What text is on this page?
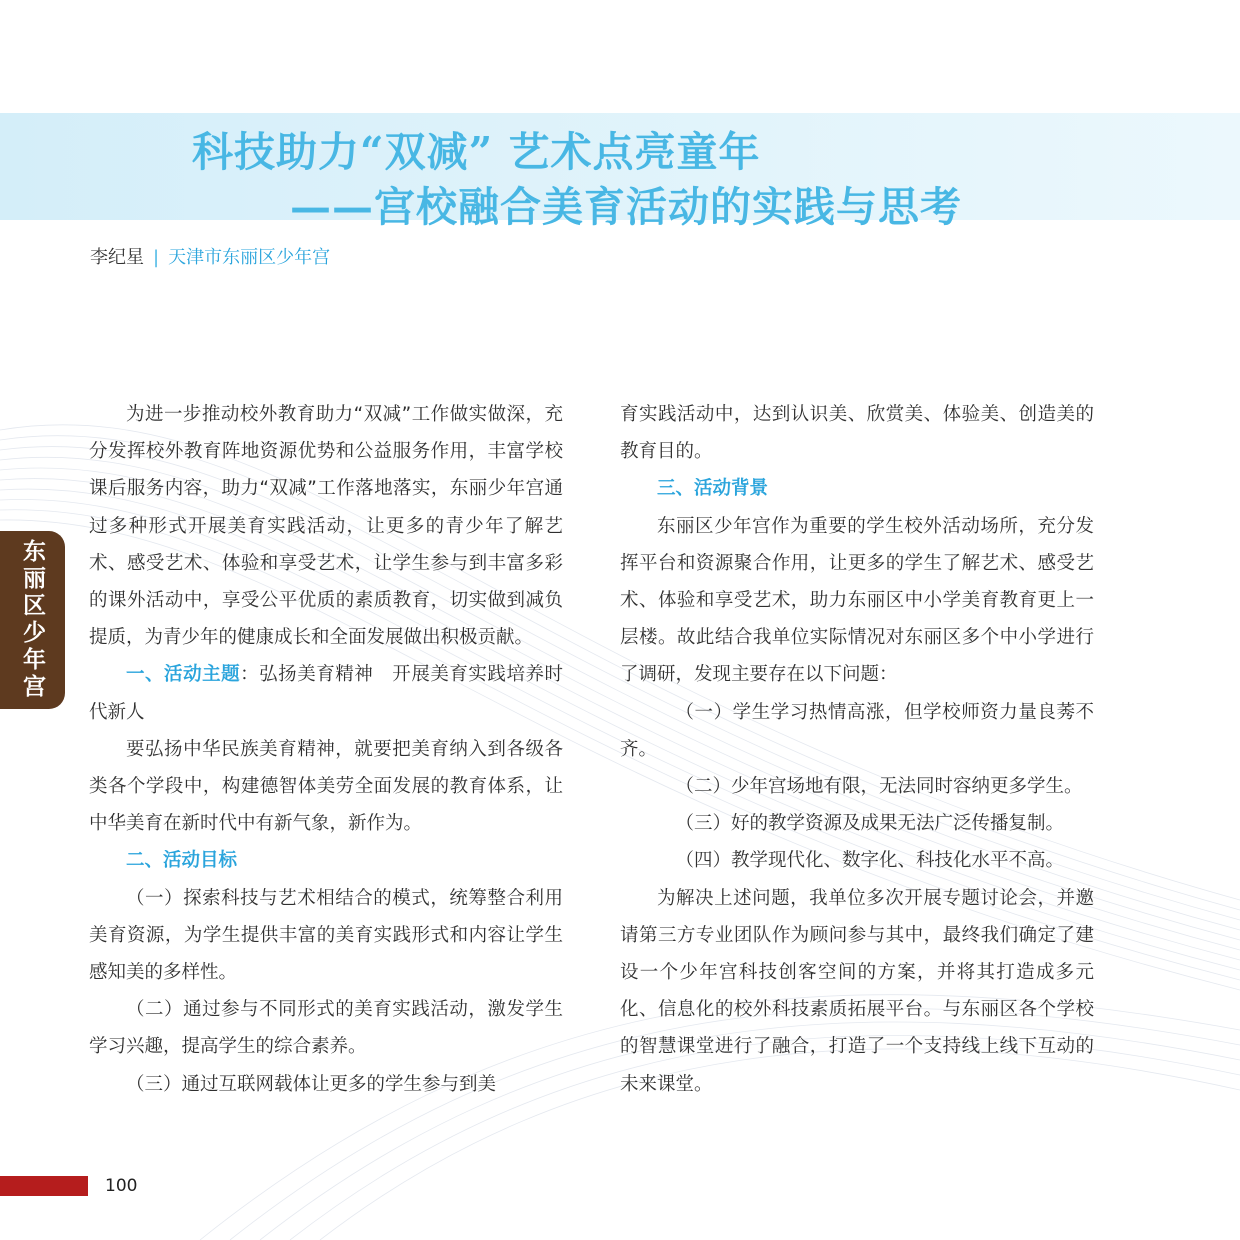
科技助力“双减” 艺术点亮童年
——宫校融合美育活动的实践与思考
李纪星 | 天津市东丽区少年宫
东丽区少年宫

为进一步推动校外教育助力“双减”工作做实做深，充分发挥校外教育阵地资源优势和公益服务作用，丰富学校课后服务内容，助力“双减”工作落地落实，东丽少年宫通过多种形式开展美育实践活动，让更多的青少年了解艺术、感受艺术、体验和享受艺术，让学生参与到丰富多彩的课外活动中，享受公平优质的素质教育，切实做到减负提质，为青少年的健康成长和全面发展做出积极贡献。

一、活动主题：弘扬美育精神　开展美育实践培养时代新人

要弘扬中华民族美育精神，就要把美育纳入到各级各类各个学段中，构建德智体美劳全面发展的教育体系，让中华美育在新时代中有新气象，新作为。

二、活动目标

（一）探索科技与艺术相结合的模式，统筹整合利用美育资源，为学生提供丰富的美育实践形式和内容让学生感知美的多样性。

（二）通过参与不同形式的美育实践活动，激发学生学习兴趣，提高学生的综合素养。

（三）通过互联网载体让更多的学生参与到美

育实践活动中，达到认识美、欣赏美、体验美、创造美的教育目的。

三、活动背景

东丽区少年宫作为重要的学生校外活动场所，充分发挥平台和资源聚合作用，让更多的学生了解艺术、感受艺术、体验和享受艺术，助力东丽区中小学美育教育更上一层楼。故此结合我单位实际情况对东丽区多个中小学进行了调研，发现主要存在以下问题：

（一）学生学习热情高涨，但学校师资力量良莠不齐。

（二）少年宫场地有限，无法同时容纳更多学生。

（三）好的教学资源及成果无法广泛传播复制。

（四）教学现代化、数字化、科技化水平不高。

为解决上述问题，我单位多次开展专题讨论会，并邀请第三方专业团队作为顾问参与其中，最终我们确定了建设一个少年宫科技创客空间的方案，并将其打造成多元化、信息化的校外科技素质拓展平台。与东丽区各个学校的智慧课堂进行了融合，打造了一个支持线上线下互动的未来课堂。

100
